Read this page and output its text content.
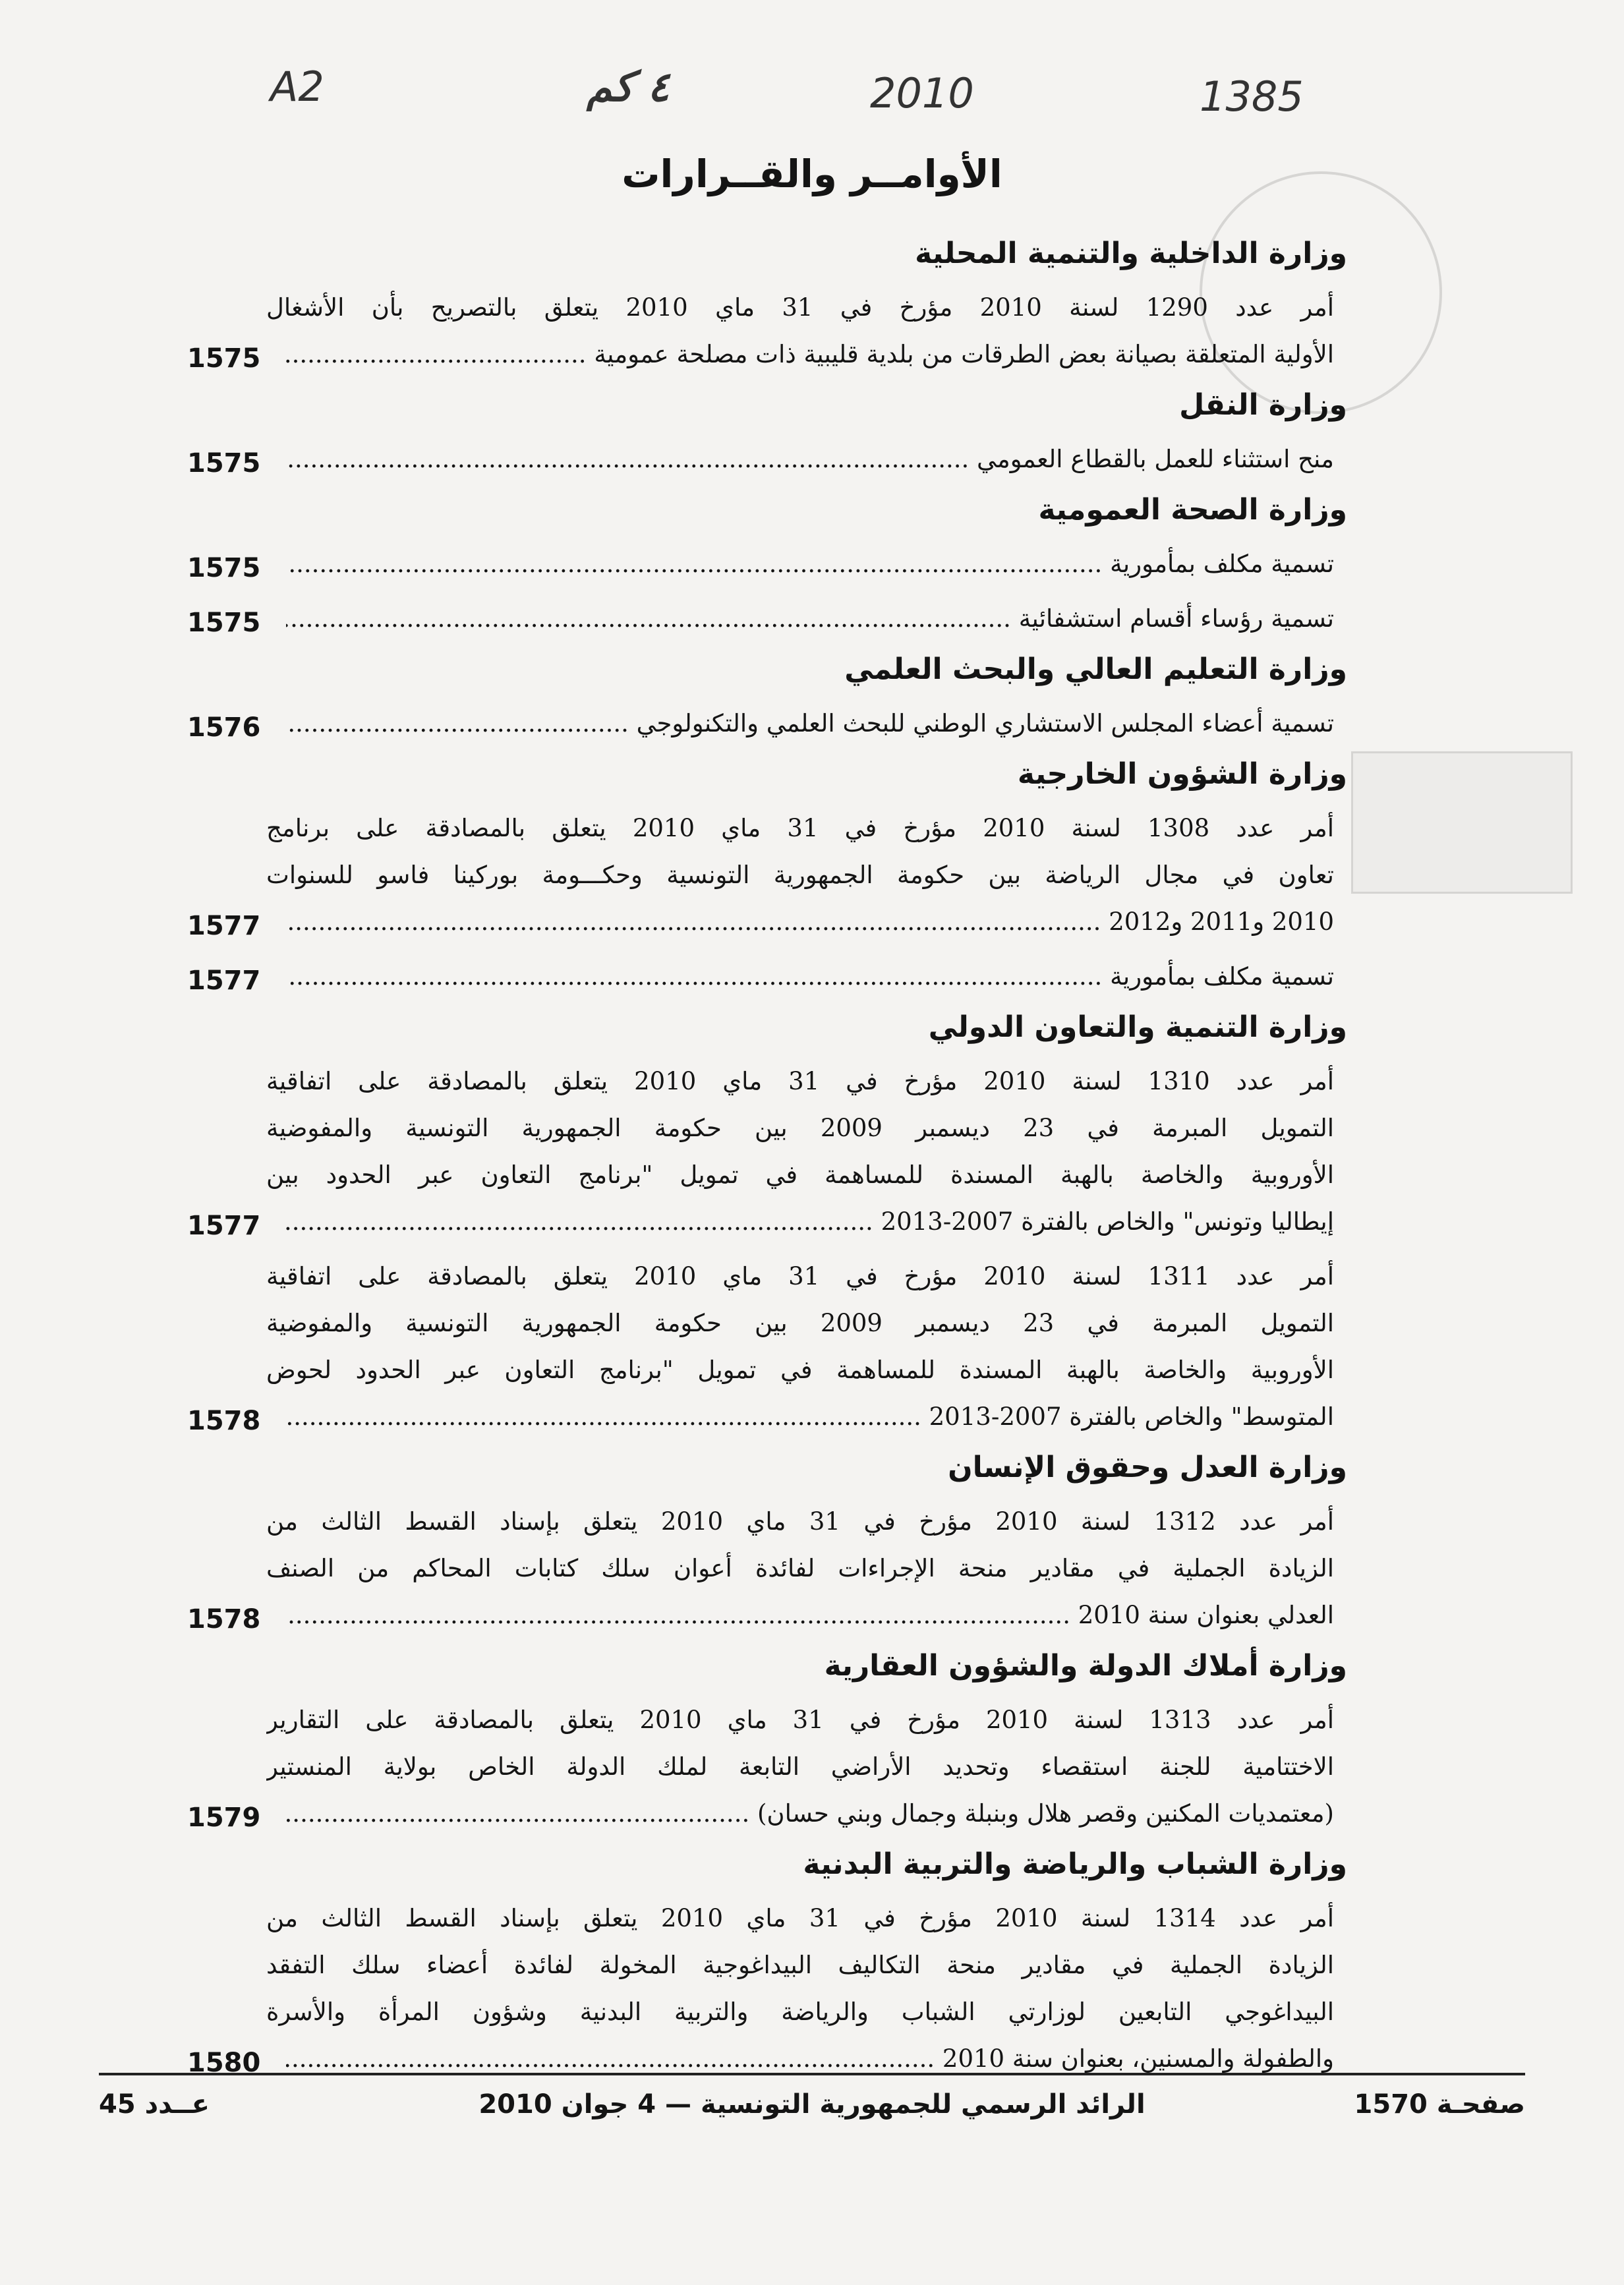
A2	٤ كم	2010	1385
الأوامــر والقــرارات
وزارة الداخلية والتنمية المحلية
أمر عدد 1290 لسنة 2010 مؤرخ في 31 ماي 2010 يتعلق بالتصريح بأن الأشغال
الأولية المتعلقة بصيانة بعض الطرقات من بلدية قليبية ذات مصلحة عمومية .....
1575
وزارة النقل
منح استثناء للعمل بالقطاع العمومي .....
1575
وزارة الصحة العمومية
تسمية مكلف بمأمورية .....
1575
تسمية رؤساء أقسام استشفائية .....
1575
وزارة التعليم العالي والبحث العلمي
تسمية أعضاء المجلس الاستشاري الوطني للبحث العلمي والتكنولوجي .....
1576
وزارة الشؤون الخارجية
أمر عدد 1308 لسنة 2010 مؤرخ في 31 ماي 2010 يتعلق بالمصادقة على برنامج
تعاون في مجال الرياضة بين حكومة الجمهورية التونسية وحكـــومة بوركينا فاسو للسنوات
2010 و2011 و2012 .....
1577
تسمية مكلف بمأمورية .....
1577
وزارة التنمية والتعاون الدولي
أمر عدد 1310 لسنة 2010 مؤرخ في 31 ماي 2010 يتعلق بالمصادقة على اتفاقية
التمويل المبرمة في 23 ديسمبر 2009 بين حكومة الجمهورية التونسية والمفوضية
الأوروبية والخاصة بالهبة المسندة للمساهمة في تمويل "برنامج التعاون عبر الحدود بين
إيطاليا وتونس" والخاص بالفترة 2007-2013 .....
1577
أمر عدد 1311 لسنة 2010 مؤرخ في 31 ماي 2010 يتعلق بالمصادقة على اتفاقية
التمويل المبرمة في 23 ديسمبر 2009 بين حكومة الجمهورية التونسية والمفوضية
الأوروبية والخاصة بالهبة المسندة للمساهمة في تمويل "برنامج التعاون عبر الحدود لحوض
المتوسط" والخاص بالفترة 2007-2013 .....
1578
وزارة العدل وحقوق الإنسان
أمر عدد 1312 لسنة 2010 مؤرخ في 31 ماي 2010 يتعلق بإسناد القسط الثالث من
الزيادة الجملية في مقادير منحة الإجراءات لفائدة أعوان سلك كتابات المحاكم من الصنف
العدلي بعنوان سنة 2010 .....
1578
وزارة أملاك الدولة والشؤون العقارية
أمر عدد 1313 لسنة 2010 مؤرخ في 31 ماي 2010 يتعلق بالمصادقة على التقارير
الاختتامية للجنة استقصاء وتحديد الأراضي التابعة لملك الدولة الخاص بولاية المنستير
(معتمديات المكنين وقصر هلال وبنبلة وجمال وبني حسان) .....
1579
وزارة الشباب والرياضة والتربية البدنية
أمر عدد 1314 لسنة 2010 مؤرخ في 31 ماي 2010 يتعلق بإسناد القسط الثالث من
الزيادة الجملية في مقادير منحة التكاليف البيداغوجية المخولة لفائدة أعضاء سلك التفقد
البيداغوجي التابعين لوزارتي الشباب والرياضة والتربية البدنية وشؤون المرأة والأسرة
والطفولة والمسنين، بعنوان سنة 2010 .....
1580
صفحـة 1570
الرائد الرسمي للجمهورية التونسية — 4 جوان 2010
عــدد 45
